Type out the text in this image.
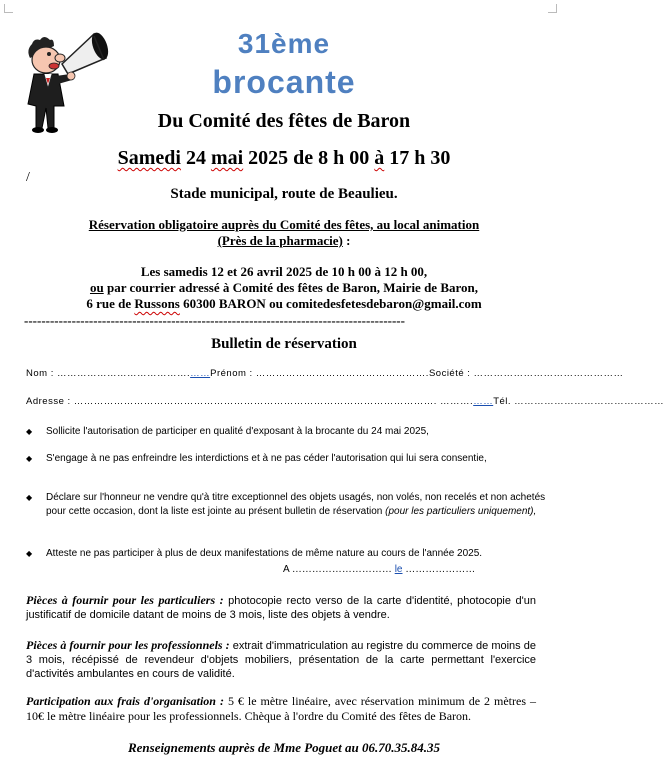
31ème
brocante
Du Comité des fêtes de Baron
Samedi 24 mai 2025 de 8 h 00 à 17 h 30
/
Stade municipal, route de Beaulieu.
Réservation obligatoire auprès du Comité des fêtes, au local animation
(Près de la pharmacie) :
Les samedis 12 et 26 avril 2025 de 10 h 00 à 12 h 00,
ou par courrier adressé à Comité des fêtes de Baron, Mairie de Baron,
6 rue de Russons 60300 BARON ou comitedesfetesdebaron@gmail.com
----------------------------------------------------------------------------------------
Bulletin de réservation
Nom : ………………………………….……Prénom : …………………………………………….Société : ………………………………………
Adresse : ………………………………………………………………………………………………. ……….……Tél. ………………………………………
◆ Sollicite l'autorisation de participer en qualité d'exposant à la brocante du 24 mai 2025,
◆ S'engage à ne pas enfreindre les interdictions et à ne pas céder l'autorisation qui lui sera consentie,
◆ Déclare sur l'honneur ne vendre qu'à titre exceptionnel des objets usagés, non volés, non recelés et non achetés pour cette occasion, dont la liste est jointe au présent bulletin de réservation (pour les particuliers uniquement),
◆ Atteste ne pas participer à plus de deux manifestations de même nature au cours de l'année 2025.
A ………………………… le …………………
Pièces à fournir pour les particuliers : photocopie recto verso de la carte d'identité, photocopie d'un justificatif de domicile datant de moins de 3 mois, liste des objets à vendre.
Pièces à fournir pour les professionnels : extrait d'immatriculation au registre du commerce de moins de 3 mois, récépissé de revendeur d'objets mobiliers, présentation de la carte permettant l'exercice d'activités ambulantes en cours de validité.
Participation aux frais d'organisation : 5 € le mètre linéaire, avec réservation minimum de 2 mètres – 10€ le mètre linéaire pour les professionnels. Chèque à l'ordre du Comité des fêtes de Baron.
Renseignements auprès de Mme Poguet au 06.70.35.84.35
